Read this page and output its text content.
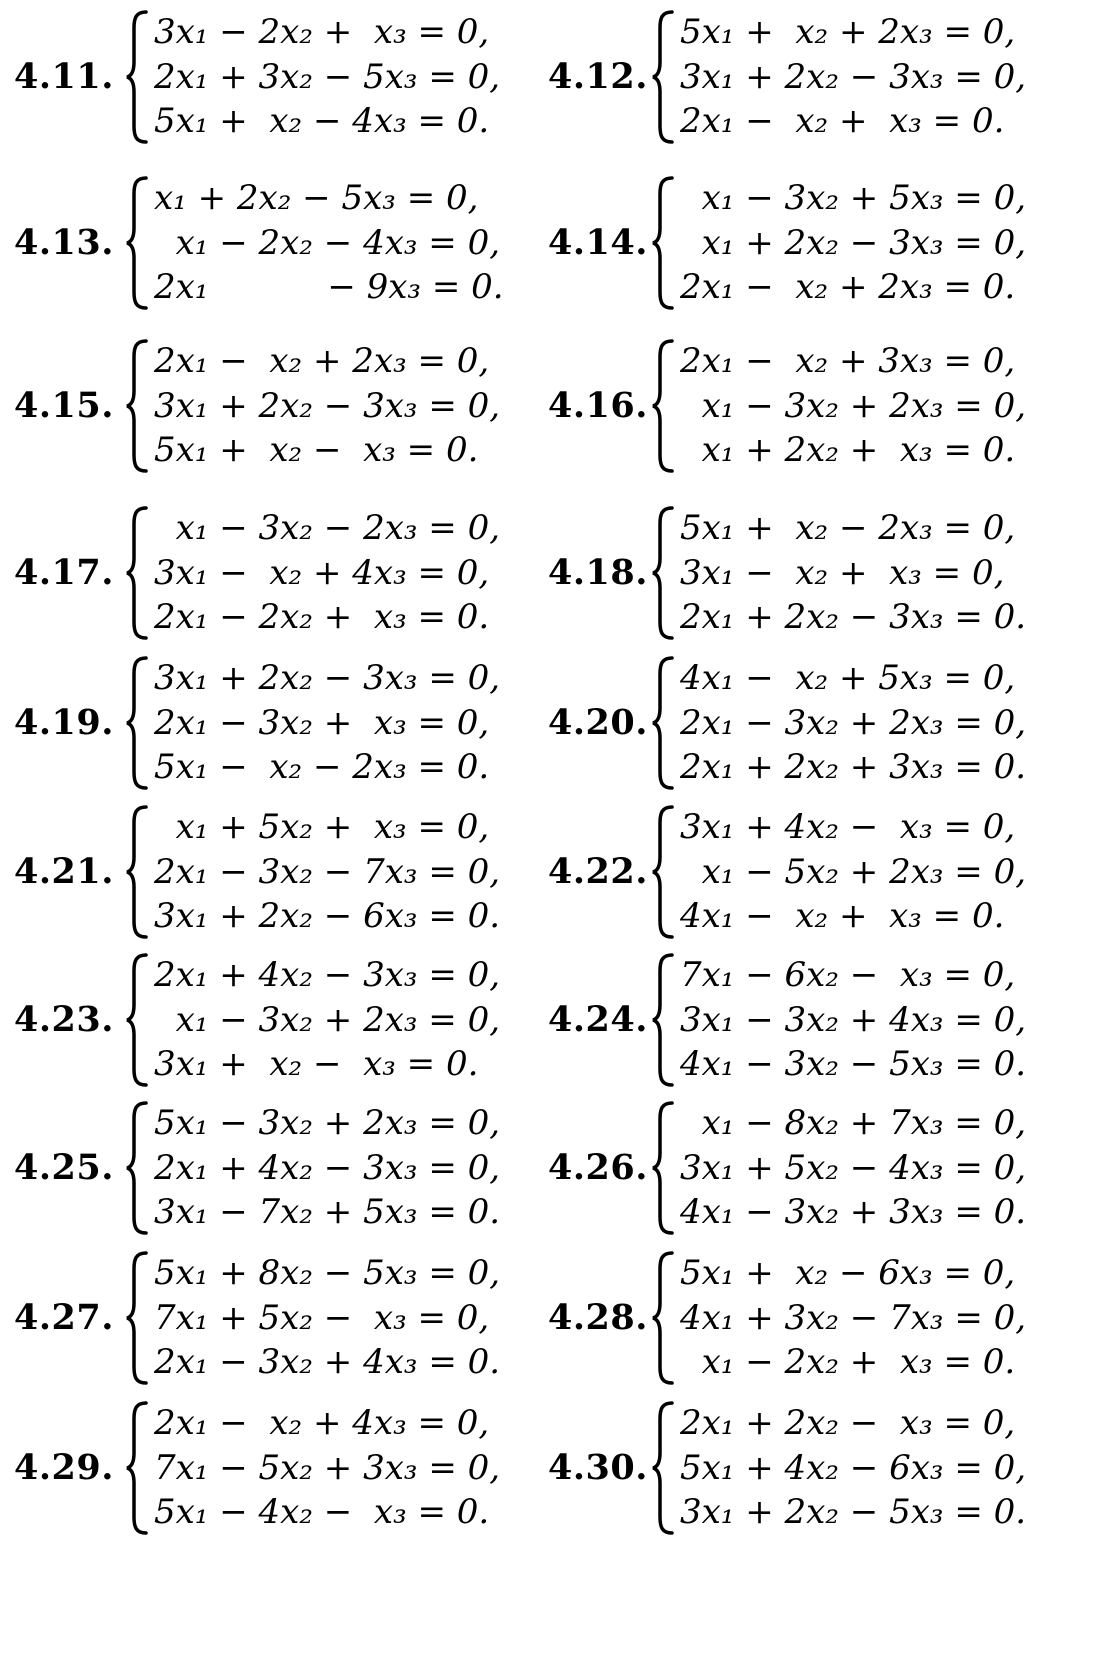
4.11.
3x₁ − 2x₂ +  x₃ = 0,
2x₁ + 3x₂ − 5x₃ = 0,
5x₁ +  x₂ − 4x₃ = 0.
4.12.
5x₁ +  x₂ + 2x₃ = 0,
3x₁ + 2x₂ − 3x₃ = 0,
2x₁ −  x₂ +  x₃ = 0.
4.13.
x₁ + 2x₂ − 5x₃ = 0,
x₁ − 2x₂ − 4x₃ = 0,
2x₁           − 9x₃ = 0.
4.14.
x₁ − 3x₂ + 5x₃ = 0,
x₁ + 2x₂ − 3x₃ = 0,
2x₁ −  x₂ + 2x₃ = 0.
4.15.
2x₁ −  x₂ + 2x₃ = 0,
3x₁ + 2x₂ − 3x₃ = 0,
5x₁ +  x₂ −  x₃ = 0.
4.16.
2x₁ −  x₂ + 3x₃ = 0,
x₁ − 3x₂ + 2x₃ = 0,
x₁ + 2x₂ +  x₃ = 0.
4.17.
x₁ − 3x₂ − 2x₃ = 0,
3x₁ −  x₂ + 4x₃ = 0,
2x₁ − 2x₂ +  x₃ = 0.
4.18.
5x₁ +  x₂ − 2x₃ = 0,
3x₁ −  x₂ +  x₃ = 0,
2x₁ + 2x₂ − 3x₃ = 0.
4.19.
3x₁ + 2x₂ − 3x₃ = 0,
2x₁ − 3x₂ +  x₃ = 0,
5x₁ −  x₂ − 2x₃ = 0.
4.20.
4x₁ −  x₂ + 5x₃ = 0,
2x₁ − 3x₂ + 2x₃ = 0,
2x₁ + 2x₂ + 3x₃ = 0.
4.21.
x₁ + 5x₂ +  x₃ = 0,
2x₁ − 3x₂ − 7x₃ = 0,
3x₁ + 2x₂ − 6x₃ = 0.
4.22.
3x₁ + 4x₂ −  x₃ = 0,
x₁ − 5x₂ + 2x₃ = 0,
4x₁ −  x₂ +  x₃ = 0.
4.23.
2x₁ + 4x₂ − 3x₃ = 0,
x₁ − 3x₂ + 2x₃ = 0,
3x₁ +  x₂ −  x₃ = 0.
4.24.
7x₁ − 6x₂ −  x₃ = 0,
3x₁ − 3x₂ + 4x₃ = 0,
4x₁ − 3x₂ − 5x₃ = 0.
4.25.
5x₁ − 3x₂ + 2x₃ = 0,
2x₁ + 4x₂ − 3x₃ = 0,
3x₁ − 7x₂ + 5x₃ = 0.
4.26.
x₁ − 8x₂ + 7x₃ = 0,
3x₁ + 5x₂ − 4x₃ = 0,
4x₁ − 3x₂ + 3x₃ = 0.
4.27.
5x₁ + 8x₂ − 5x₃ = 0,
7x₁ + 5x₂ −  x₃ = 0,
2x₁ − 3x₂ + 4x₃ = 0.
4.28.
5x₁ +  x₂ − 6x₃ = 0,
4x₁ + 3x₂ − 7x₃ = 0,
x₁ − 2x₂ +  x₃ = 0.
4.29.
2x₁ −  x₂ + 4x₃ = 0,
7x₁ − 5x₂ + 3x₃ = 0,
5x₁ − 4x₂ −  x₃ = 0.
4.30.
2x₁ + 2x₂ −  x₃ = 0,
5x₁ + 4x₂ − 6x₃ = 0,
3x₁ + 2x₂ − 5x₃ = 0.
